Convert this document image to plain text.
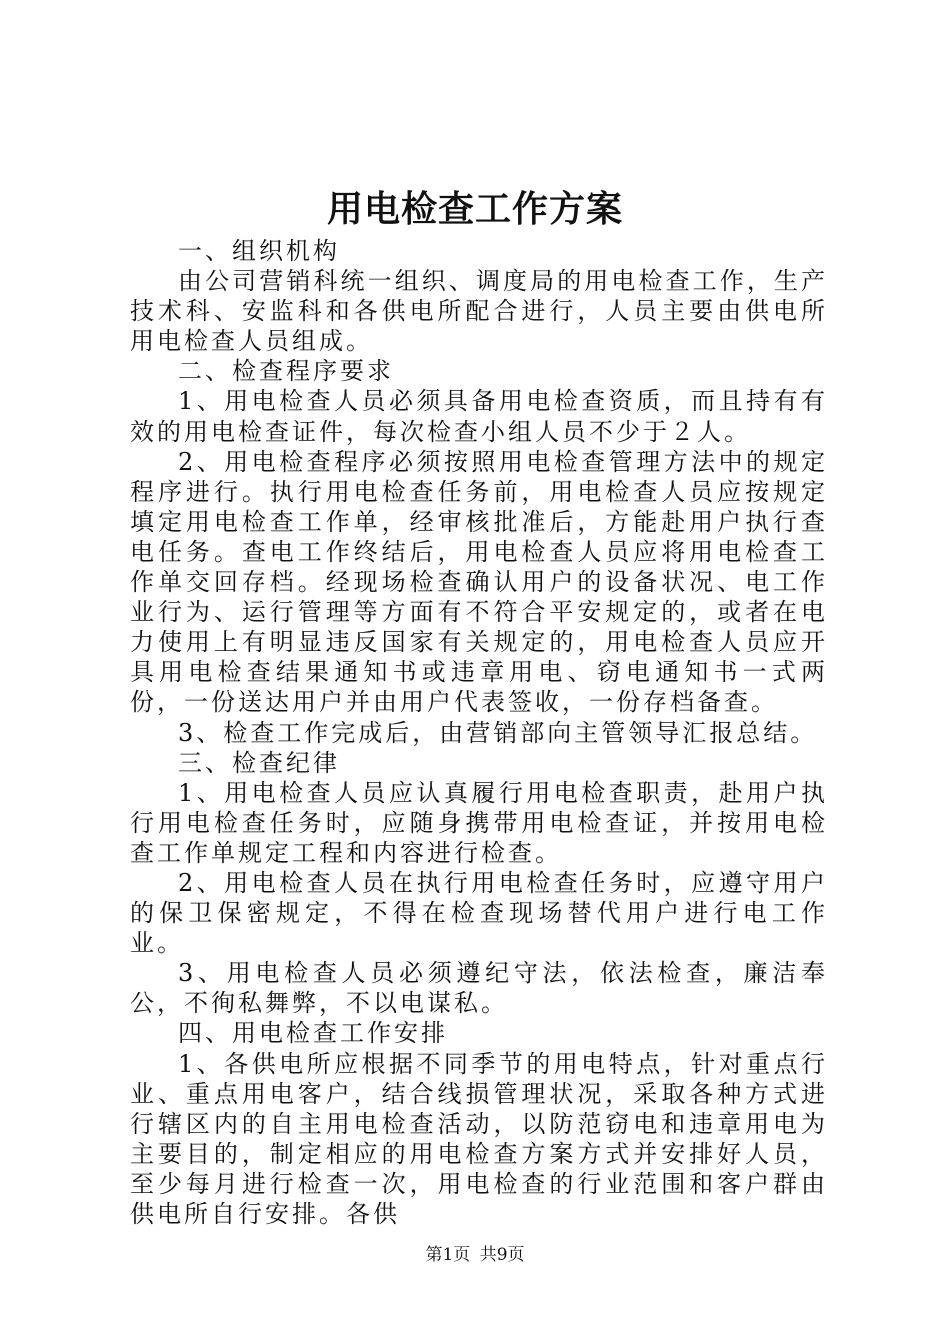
用电检查工作方案

一、组织机构

由公司营销科统一组织、调度局的用电检查工作，生产技术科、安监科和各供电所配合进行，人员主要由供电所用电检查人员组成。

二、检查程序要求

1、用电检查人员必须具备用电检查资质，而且持有有效的用电检查证件，每次检查小组人员不少于２人。

2、用电检查程序必须按照用电检查管理方法中的规定程序进行。执行用电检查任务前，用电检查人员应按规定填定用电检查工作单，经审核批准后，方能赴用户执行查电任务。查电工作终结后，用电检查人员应将用电检查工作单交回存档。经现场检查确认用户的设备状况、电工作业行为、运行管理等方面有不符合平安规定的，或者在电力使用上有明显违反国家有关规定的，用电检查人员应开具用电检查结果通知书或违章用电、窃电通知书一式两份，一份送达用户并由用户代表签收，一份存档备查。

3、检查工作完成后，由营销部向主管领导汇报总结。

三、检查纪律

1、用电检查人员应认真履行用电检查职责，赴用户执行用电检查任务时，应随身携带用电检查证，并按用电检查工作单规定工程和内容进行检查。

2、用电检查人员在执行用电检查任务时，应遵守用户的保卫保密规定，不得在检查现场替代用户进行电工作业。

3、用电检查人员必须遵纪守法，依法检查，廉洁奉公，不徇私舞弊，不以电谋私。

四、用电检查工作安排

1、各供电所应根据不同季节的用电特点，针对重点行业、重点用电客户，结合线损管理状况，采取各种方式进行辖区内的自主用电检查活动，以防范窃电和违章用电为主要目的，制定相应的用电检查方案方式并安排好人员，至少每月进行检查一次，用电检查的行业范围和客户群由供电所自行安排。各供

第1页 共9页
